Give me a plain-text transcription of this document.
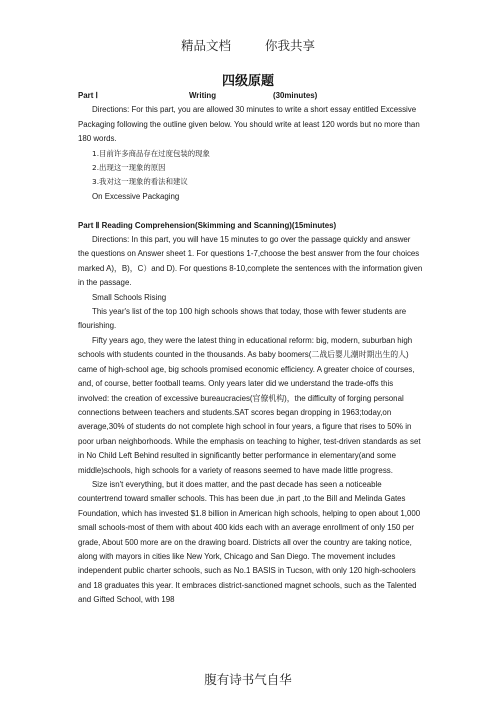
精品文档	你我共享
四级原题
Part Ⅰ	Writing	(30minutes)

Directions: For this part, you are allowed 30 minutes to write a short essay entitled Excessive Packaging following the outline given below. You should write at least 120 words but no more than 180 words.

1.目前许多商品存在过度包装的现象

2.出现这一现象的原因

3.我对这一现象的看法和建议

On Excessive Packaging

Part Ⅱ Reading Comprehension(Skimming and Scanning)(15minutes)

Directions: In this part, you will have 15 minutes to go over the passage quickly and answer the questions on Answer sheet 1. For questions 1-7,choose the best answer from the four choices marked A)，B)，C）and D). For questions 8-10,complete the sentences with the information given in the passage.

Small Schools Rising

This year's list of the top 100 high schools shows that today, those with fewer students are flourishing.

Fifty years ago, they were the latest thing in educational reform: big, modern, suburban high schools with students counted in the thousands. As baby boomers(二战后婴儿潮时期出生的人) came of high-school age, big schools promised economic efficiency. A greater choice of courses, and, of course, better football teams. Only years later did we understand the trade-offs this involved: the creation of excessive bureaucracies(官僚机构)，the difficulty of forging personal connections between teachers and students.SAT scores began dropping in 1963;today,on average,30% of students do not complete high school in four years, a figure that rises to 50% in poor urban neighborhoods. While the emphasis on teaching to higher, test-driven standards as set in No Child Left Behind resulted in significantly better performance in elementary(and some middle)schools, high schools for a variety of reasons seemed to have made little progress.

Size isn't everything, but it does matter, and the past decade has seen a noticeable countertrend toward smaller schools. This has been due ,in part ,to the Bill and Melinda Gates Foundation, which has invested $1.8 billion in American high schools, helping to open about 1,000 small schools-most of them with about 400 kids each with an average enrollment of only 150 per grade, About 500 more are on the drawing board. Districts all over the country are taking notice, along with mayors in cities like New York, Chicago and San Diego. The movement includes independent public charter schools, such as No.1 BASIS in Tucson, with only 120 high-schoolers and 18 graduates this year. It embraces district-sanctioned magnet schools, such as the Talented and Gifted School, with 198

腹有诗书气自华
